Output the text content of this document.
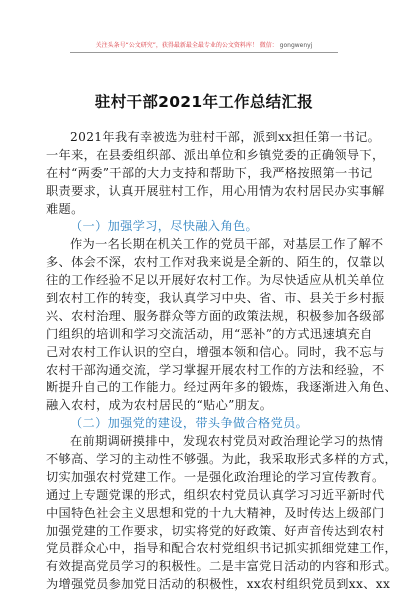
关注头条号“公文研究”，获得最新最全最专业的公文资料库！ 微信： gongwenyj
驻村干部2021年工作总结汇报
2021年我有幸被选为驻村干部，派到xx担任第一书记。
一年来，在县委组织部、派出单位和乡镇党委的正确领导下，
在村“两委”干部的大力支持和帮助下，我严格按照第一书记
职责要求，认真开展驻村工作，用心用情为农村居民办实事解
难题。
（一）加强学习，尽快融入角色。
作为一名长期在机关工作的党员干部，对基层工作了解不
多、体会不深，农村工作对我来说是全新的、陌生的，仅靠以
往的工作经验不足以开展好农村工作。为尽快适应从机关单位
到农村工作的转变，我认真学习中央、省、市、县关于乡村振
兴、农村治理、服务群众等方面的政策法规，积极参加各级部
门组织的培训和学习交流活动，用“恶补”的方式迅速填充自
己对农村工作认识的空白，增强本领和信心。同时，我不忘与
农村干部沟通交流，学习掌握开展农村工作的方法和经验，不
断提升自己的工作能力。经过两年多的锻炼，我逐渐进入角色、
融入农村，成为农村居民的“贴心”朋友。
（二）加强党的建设，带头争做合格党员。
在前期调研摸排中，发现农村党员对政治理论学习的热情
不够高、学习的主动性不够强。为此，我采取形式多样的方式，
切实加强农村党建工作。一是强化政治理论的学习宣传教育。
通过上专题党课的形式，组织农村党员认真学习习近平新时代
中国特色社会主义思想和党的十九大精神，及时传达上级部门
加强党建的工作要求，切实将党的好政策、好声音传达到农村
党员群众心中，指导和配合农村党组织书记抓实抓细党建工作，
有效提高党员学习的积极性。二是丰富党日活动的内容和形式。
为增强党员参加党日活动的积极性，xx农村组织党员到xx、xx
